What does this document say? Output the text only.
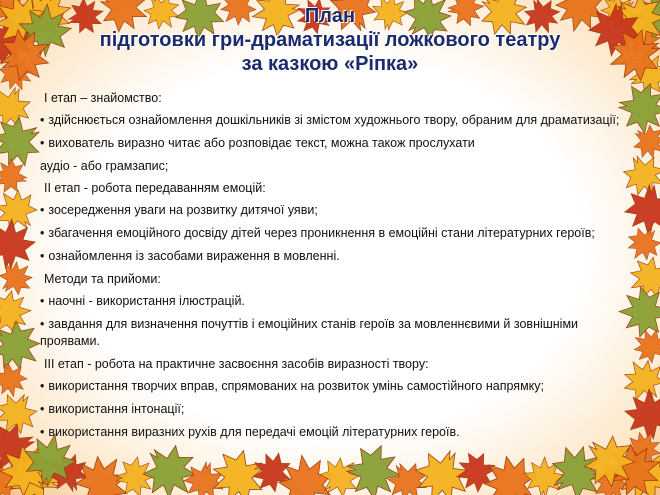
План
підготовки гри-драматизації ложкового театру
за казкою «Ріпка»
I етап – знайомство:
• здійснюється ознайомлення дошкільників зі змістом художнього твору, обраним для драматизації;
• вихователь виразно читає або розповідає текст, можна також прослухати
аудіо - або грамзапис;
II етап - робота передаванням емоцій:
• зосередження уваги на розвитку дитячої уяви;
• збагачення емоційного досвіду дітей через проникнення в емоційні стани літературних героїв;
• ознайомлення із засобами вираження в мовленні.
Методи та прийоми:
• наочні - використання ілюстрацій.
• завдання для визначення почуттів і емоційних станів героїв за мовленнєвими й зовнішніми проявами.
III етап - робота на практичне засвоєння засобів виразності твору:
• використання творчих вправ, спрямованих на розвиток умінь самостійного напрямку;
• використання інтонації;
• використання виразних рухів для передачі емоцій літературних героїв.
